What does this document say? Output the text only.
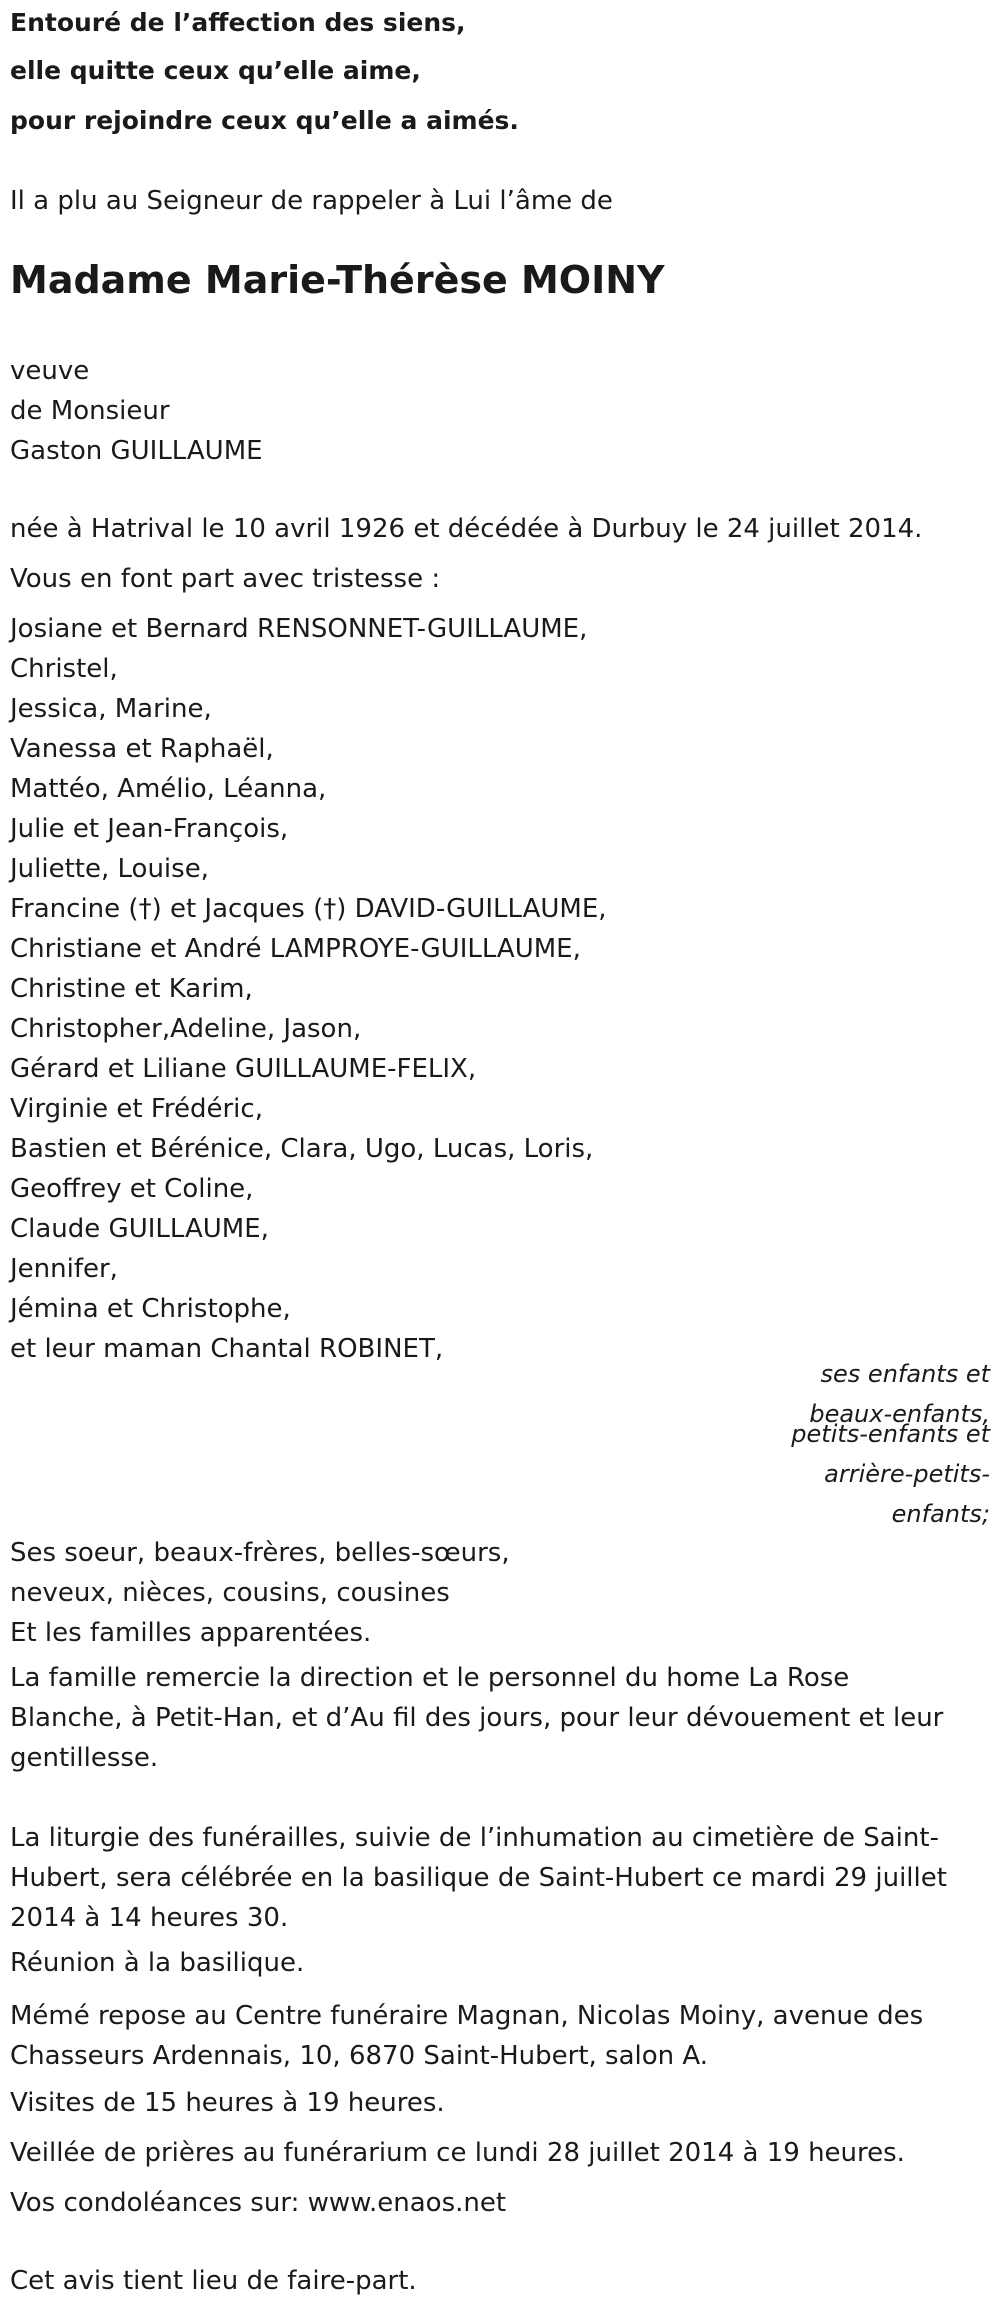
Entouré de l’affection des siens,
elle quitte ceux qu’elle aime,
pour rejoindre ceux qu’elle a aimés.
Il a plu au Seigneur de rappeler à Lui l’âme de
Madame Marie-Thérèse MOINY
veuve
de Monsieur
Gaston GUILLAUME
née à Hatrival le 10 avril 1926 et décédée à Durbuy le 24 juillet 2014.
Vous en font part avec tristesse :
Josiane et Bernard RENSONNET-GUILLAUME,
Christel,
Jessica, Marine,
Vanessa et Raphaël,
Mattéo, Amélio, Léanna,
Julie et Jean-François,
Juliette, Louise,
Francine (†) et Jacques (†) DAVID-GUILLAUME,
Christiane et André LAMPROYE-GUILLAUME,
Christine et Karim,
Christopher,Adeline, Jason,
Gérard et Liliane GUILLAUME-FELIX,
Virginie et Frédéric,
Bastien et Bérénice, Clara, Ugo, Lucas, Loris,
Geoffrey et Coline,
Claude GUILLAUME,
Jennifer,
Jémina et Christophe,
et leur maman Chantal ROBINET,
ses enfants et beaux-enfants,
petits-enfants et arrière-petits-enfants;
Ses soeur, beaux-frères, belles-sœurs,
neveux, nièces, cousins, cousines
Et les familles apparentées.
La famille remercie la direction et le personnel du home La Rose Blanche, à Petit-Han, et d’Au fil des jours, pour leur dévouement et leur gentillesse.
La liturgie des funérailles, suivie de l’inhumation au cimetière de Saint-Hubert, sera célébrée en la basilique de Saint-Hubert ce mardi 29 juillet 2014 à 14 heures 30.
Réunion à la basilique.
Mémé repose au Centre funéraire Magnan, Nicolas Moiny, avenue des Chasseurs Ardennais, 10, 6870 Saint-Hubert, salon A.
Visites de 15 heures à 19 heures.
Veillée de prières au funérarium ce lundi 28 juillet 2014 à 19 heures.
Vos condoléances sur: www.enaos.net
Cet avis tient lieu de faire-part.
